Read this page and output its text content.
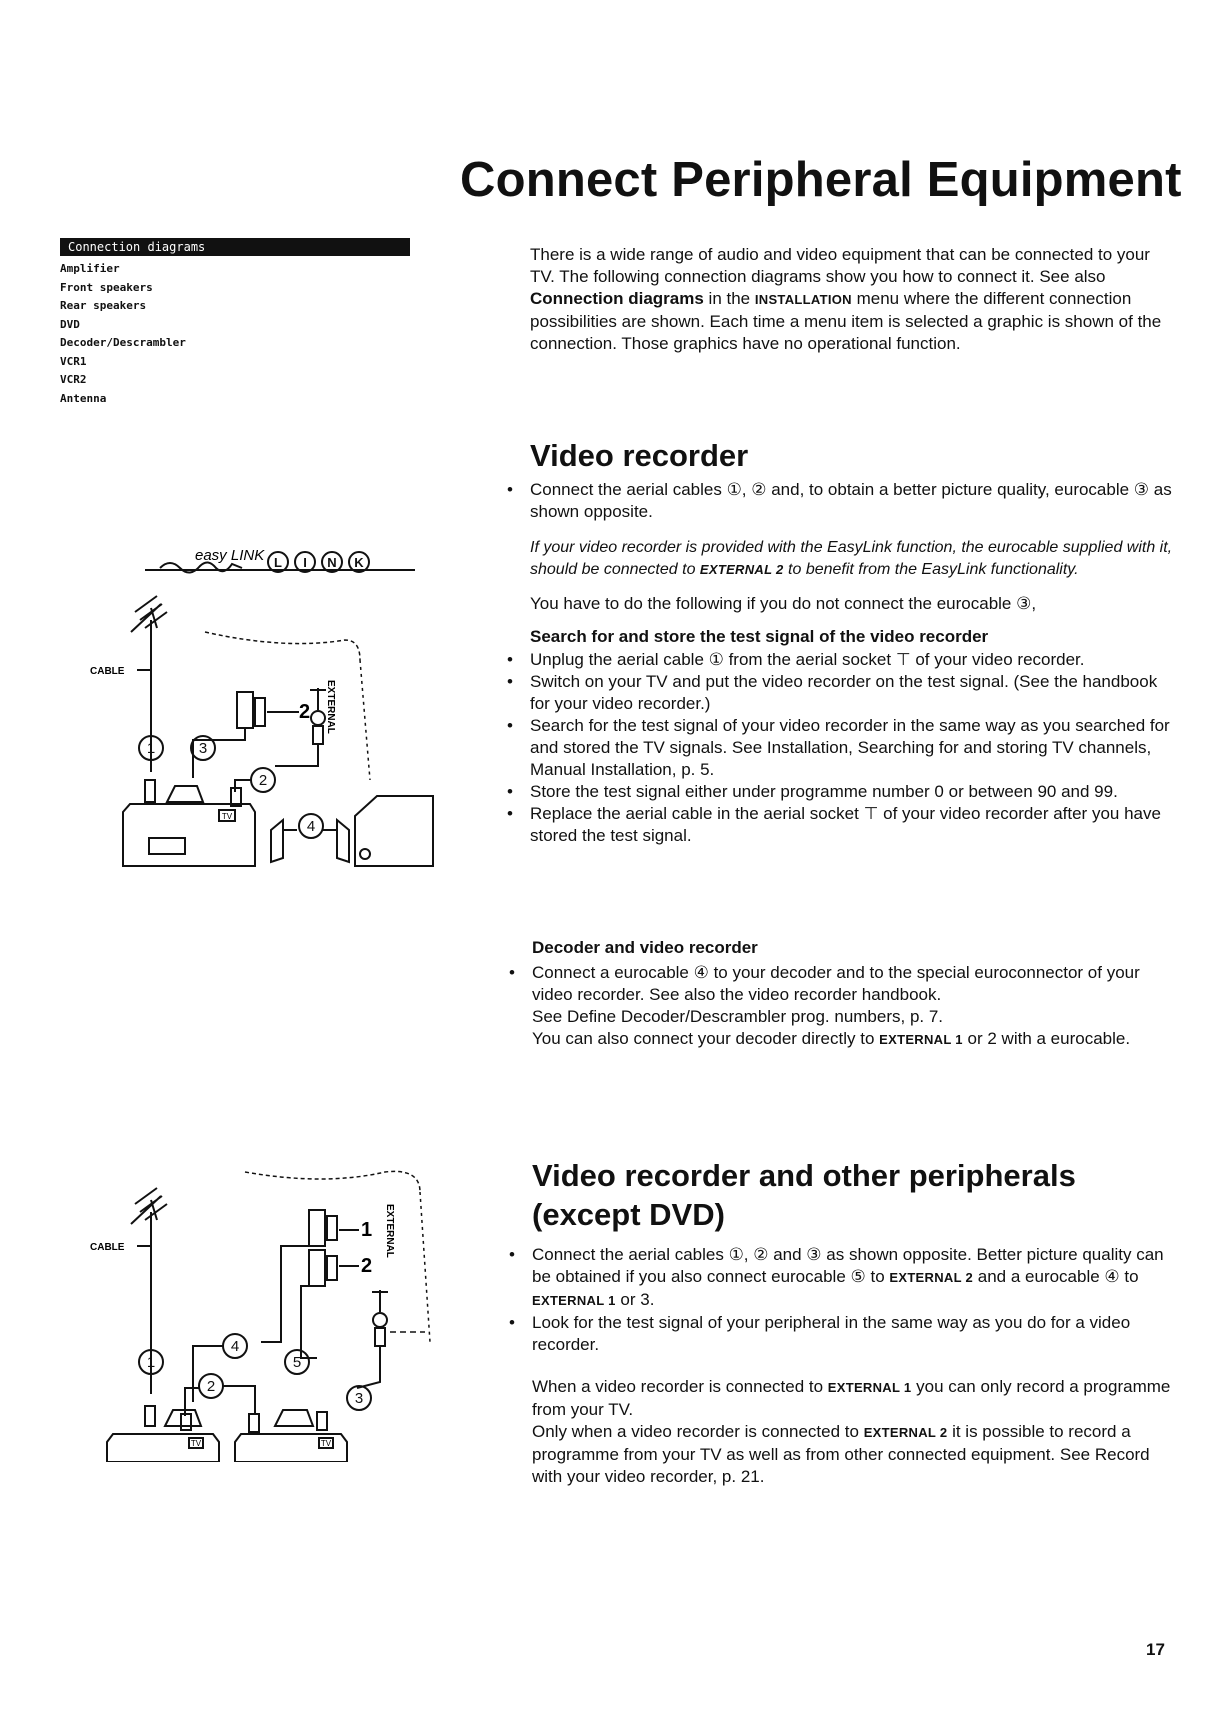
Connect Peripheral Equipment
Connection diagrams
Amplifier
Front speakers
Rear speakers
DVD
Decoder/Descrambler
VCR1
VCR2
Antenna
There is a wide range of audio and video equipment that can be connected to your TV. The following connection diagrams show you how to connect it. See also Connection diagrams in the INSTALLATION menu where the different connection possibilities are shown. Each time a menu item is selected a graphic is shown of the connection. Those graphics have no operational function.
Video recorder
• Connect the aerial cables ①, ② and, to obtain a better picture quality, eurocable ③ as shown opposite.
If your video recorder is provided with the EasyLink function, the eurocable supplied with it, should be connected to EXTERNAL 2 to benefit from the EasyLink functionality.
You have to do the following if you do not connect the eurocable ③,
Search for and store the test signal of the video recorder
• Unplug the aerial cable ① from the aerial socket ⊤ of your video recorder.
• Switch on your TV and put the video recorder on the test signal. (See the handbook for your video recorder.)
• Search for the test signal of your video recorder in the same way as you searched for and stored the TV signals. See Installation, Searching for and storing TV channels, Manual Installation, p. 5.
• Store the test signal either under programme number 0 or between 90 and 99.
• Replace the aerial cable in the aerial socket ⊤ of your video recorder after you have stored the test signal.
Decoder and video recorder
• Connect a eurocable ④ to your decoder and to the special euroconnector of your video recorder. See also the video recorder handbook.
See Define Decoder/Descrambler prog. numbers, p. 7.
You can also connect your decoder directly to EXTERNAL 1 or 2 with a eurocable.
Video recorder and other peripherals
(except DVD)
• Connect the aerial cables ①, ② and ③ as shown opposite. Better picture quality can be obtained if you also connect eurocable ⑤ to EXTERNAL 2 and a eurocable ④ to EXTERNAL 1 or 3.
• Look for the test signal of your peripheral in the same way as you do for a video recorder.
When a video recorder is connected to EXTERNAL 1 you can only record a programme from your TV.
Only when a video recorder is connected to EXTERNAL 2 it is possible to record a programme from your TV as well as from other connected equipment. See Record with your video recorder, p. 21.
L I N K
easy LINK
CABLE
2 EXTERNAL
1	3
2
4
TV
CABLE
1
2
EXTERNAL
1
4
5
2
3
TV	TV
17
